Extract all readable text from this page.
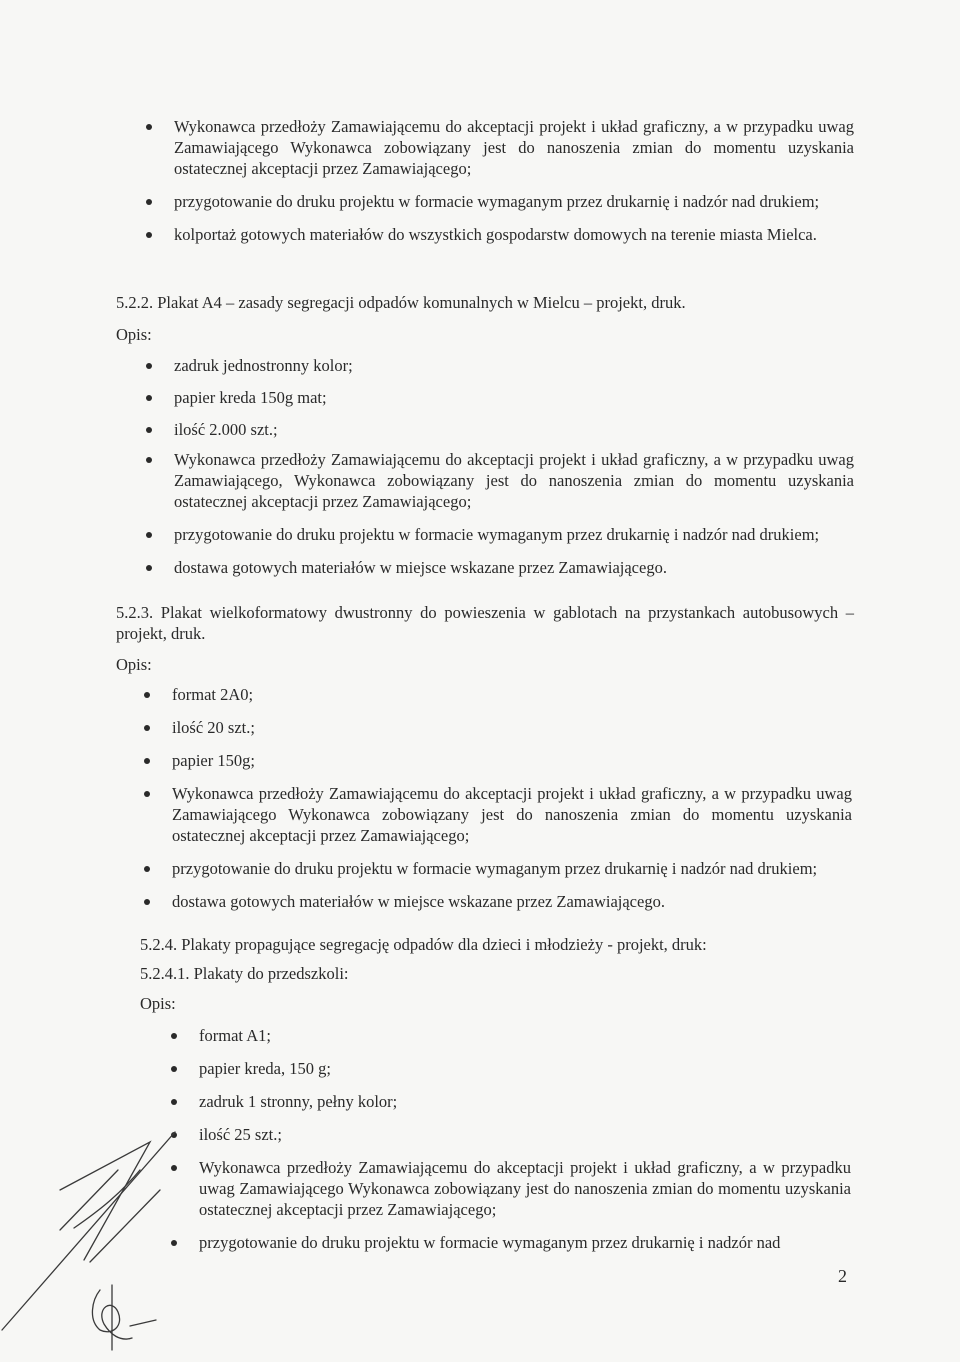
Wykonawca przedłoży Zamawiającemu do akceptacji projekt i układ graficzny, a w przypadku uwag Zamawiającego Wykonawca zobowiązany jest do nanoszenia zmian do momentu uzyskania ostatecznej akceptacji przez Zamawiającego;
przygotowanie do druku projektu w formacie wymaganym przez drukarnię i nadzór nad drukiem;
kolportaż gotowych materiałów do wszystkich gospodarstw domowych na terenie miasta Mielca.

5.2.2. Plakat A4 – zasady segregacji odpadów komunalnych w Mielcu – projekt, druk.

Opis:

zadruk jednostronny kolor;
papier kreda 150g mat;
ilość 2.000 szt.;
Wykonawca przedłoży Zamawiającemu do akceptacji projekt i układ graficzny, a w przypadku uwag Zamawiającego, Wykonawca zobowiązany jest do nanoszenia zmian do momentu uzyskania ostatecznej akceptacji przez Zamawiającego;
przygotowanie do druku projektu w formacie wymaganym przez drukarnię i nadzór nad drukiem;
dostawa gotowych materiałów w miejsce wskazane przez Zamawiającego.

5.2.3. Plakat wielkoformatowy dwustronny do powieszenia w gablotach na przystankach autobusowych – projekt, druk.

Opis:

format 2A0;
ilość 20 szt.;
papier 150g;
Wykonawca przedłoży Zamawiającemu do akceptacji projekt i układ graficzny, a w przypadku uwag Zamawiającego Wykonawca zobowiązany jest do nanoszenia zmian do momentu uzyskania ostatecznej akceptacji przez Zamawiającego;
przygotowanie do druku projektu w formacie wymaganym przez drukarnię i nadzór nad drukiem;
dostawa gotowych materiałów w miejsce wskazane przez Zamawiającego.

5.2.4. Plakaty propagujące segregację odpadów dla dzieci i młodzieży - projekt, druk:

5.2.4.1. Plakaty do przedszkoli:

Opis:

format A1;
papier kreda, 150 g;
zadruk 1 stronny, pełny kolor;
ilość 25 szt.;
Wykonawca przedłoży Zamawiającemu do akceptacji projekt i układ graficzny, a w przypadku uwag Zamawiającego Wykonawca zobowiązany jest do nanoszenia zmian do momentu uzyskania ostatecznej akceptacji przez Zamawiającego;
przygotowanie do druku projektu w formacie wymaganym przez drukarnię i nadzór nad
2
